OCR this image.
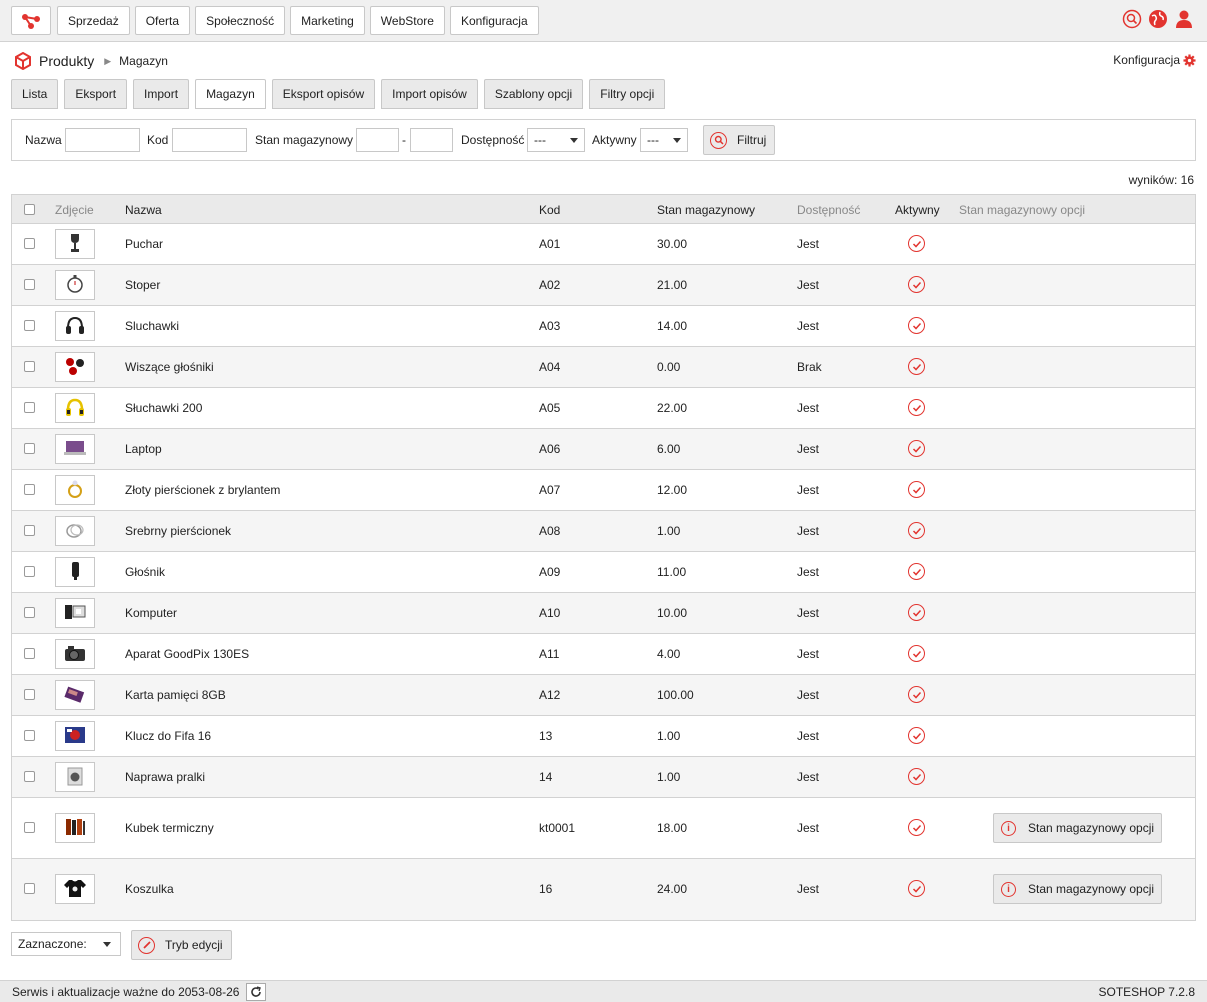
Sprzedaż	Oferta	Społeczność	Marketing	WebStore	Konfiguracja
Produkty ▶ Magazyn	Konfiguracja
Lista	Eksport	Import	Magazyn	Eksport opisów	Import opisów	Szablony opcji	Filtry opcji
Nazwa	Kod	Stan magazynowy	-	Dostępność ---	Aktywny ---	Filtruj
wyników: 16
Zdjęcie	Nazwa	Kod	Stan magazynowy	Dostępność	Aktywny Stan magazynowy opcji
Puchar	A01	30.00	Jest
Stoper	A02	21.00	Jest
Sluchawki	A03	14.00	Jest
Wiszące głośniki	A04	0.00	Brak
Słuchawki 200	A05	22.00	Jest
Laptop	A06	6.00	Jest
Złoty pierścionek z brylantem	A07	12.00	Jest
Srebrny pierścionek	A08	1.00	Jest
Głośnik	A09	11.00	Jest
Komputer	A10	10.00	Jest
Aparat GoodPix 130ES	A11	4.00	Jest
Karta pamięci 8GB	A12	100.00	Jest
Klucz do Fifa 16	13	1.00	Jest
Naprawa pralki	14	1.00	Jest
Kubek termiczny	kt0001	18.00	Jest	i	Stan magazynowy opcji
Koszulka	16	24.00	Jest	i	Stan magazynowy opcji
Zaznaczone:	Tryb edycji
Serwis i aktualizacje ważne do 2053-08-26	SOTESHOP 7.2.8
